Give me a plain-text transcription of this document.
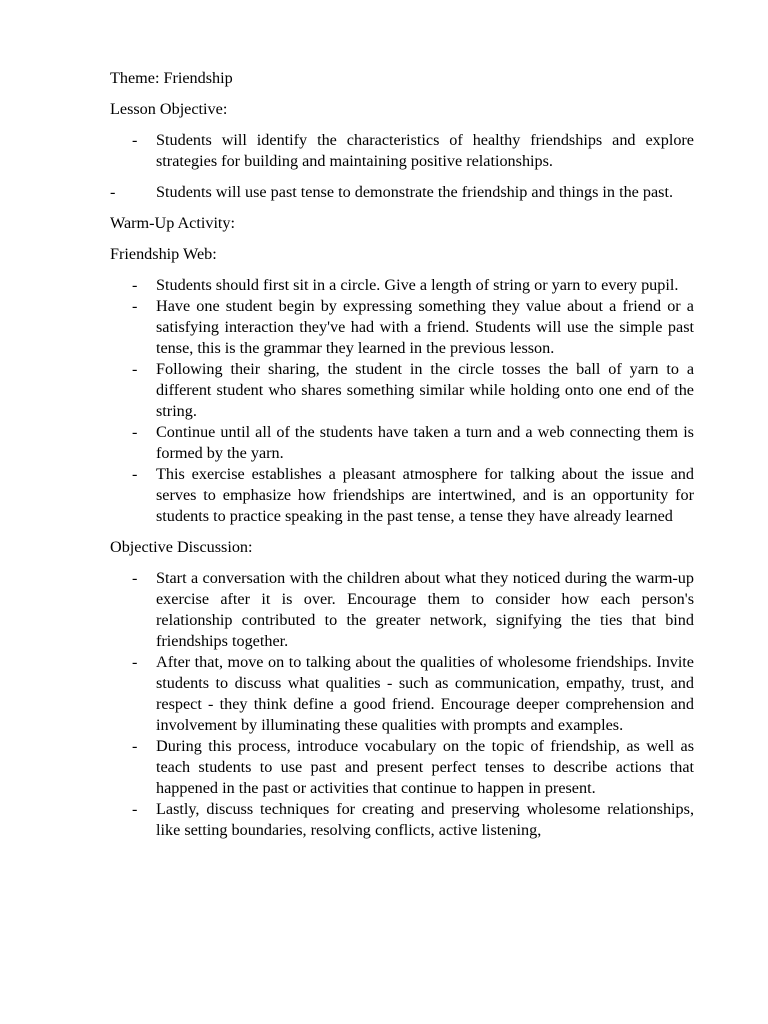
Theme: Friendship

Lesson Objective:

- Students will identify the characteristics of healthy friendships and explore strategies for building and maintaining positive relationships.

-	Students will use past tense to demonstrate the friendship and things in the past.

Warm-Up Activity:

Friendship Web:

- Students should first sit in a circle. Give a length of string or yarn to every pupil.
- Have one student begin by expressing something they value about a friend or a satisfying interaction they've had with a friend. Students will use the simple past tense, this is the grammar they learned in the previous lesson.
- Following their sharing, the student in the circle tosses the ball of yarn to a different student who shares something similar while holding onto one end of the string.
- Continue until all of the students have taken a turn and a web connecting them is formed by the yarn.
- This exercise establishes a pleasant atmosphere for talking about the issue and serves to emphasize how friendships are intertwined, and is an opportunity for students to practice speaking in the past tense, a tense they have already learned

Objective Discussion:

- Start a conversation with the children about what they noticed during the warm-up exercise after it is over. Encourage them to consider how each person's relationship contributed to the greater network, signifying the ties that bind friendships together.
- After that, move on to talking about the qualities of wholesome friendships. Invite students to discuss what qualities - such as communication, empathy, trust, and respect - they think define a good friend. Encourage deeper comprehension and involvement by illuminating these qualities with prompts and examples.
- During this process, introduce vocabulary on the topic of friendship, as well as teach students to use past and present perfect tenses to describe actions that happened in the past or activities that continue to happen in present.
- Lastly, discuss techniques for creating and preserving wholesome relationships, like setting boundaries, resolving conflicts, active listening,
